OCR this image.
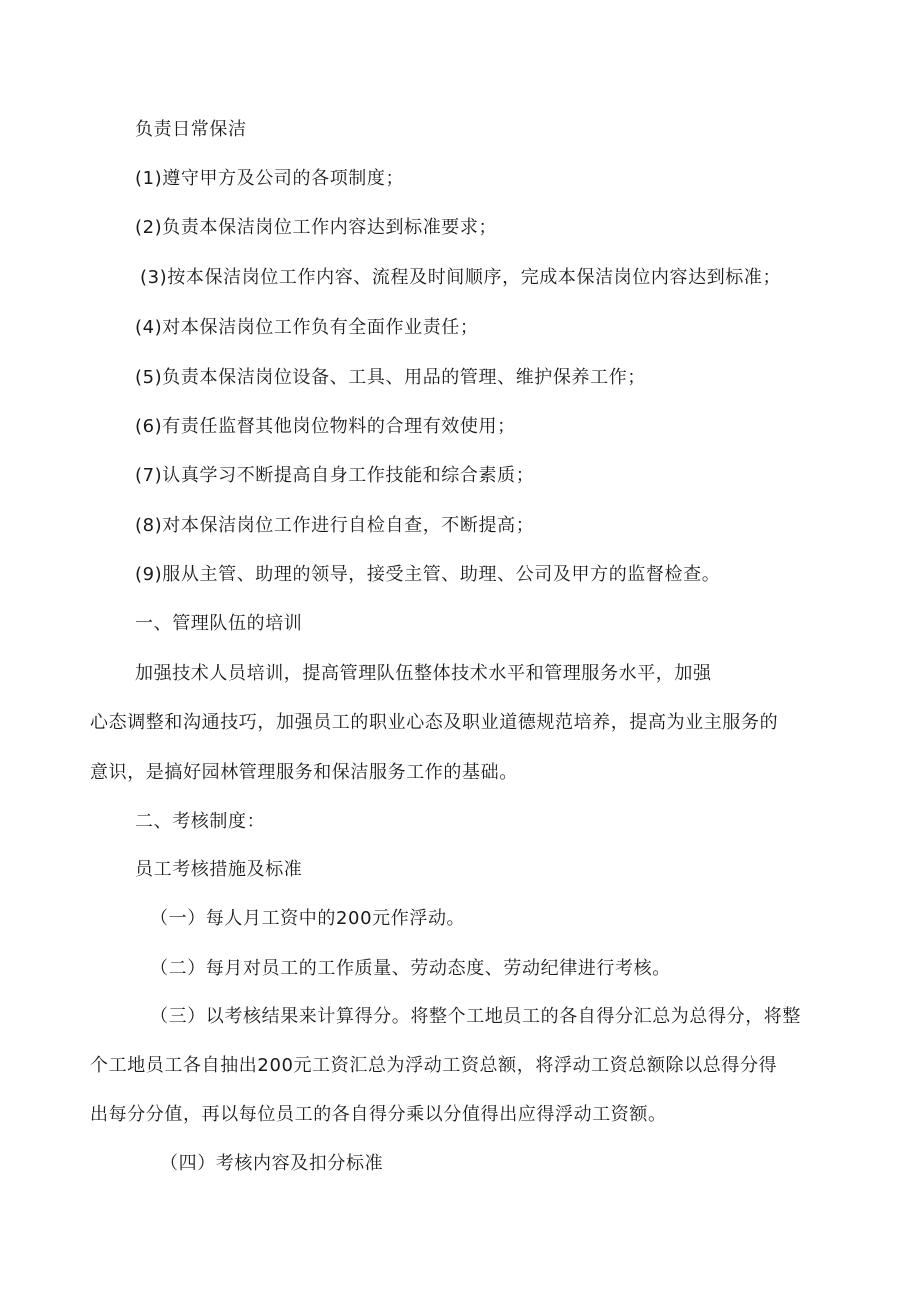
负责日常保洁
(1)遵守甲方及公司的各项制度；
(2)负责本保洁岗位工作内容达到标准要求；
(3)按本保洁岗位工作内容、流程及时间顺序，完成本保洁岗位内容达到标准；
(4)对本保洁岗位工作负有全面作业责任；
(5)负责本保洁岗位设备、工具、用品的管理、维护保养工作；
(6)有责任监督其他岗位物料的合理有效使用；
(7)认真学习不断提高自身工作技能和综合素质；
(8)对本保洁岗位工作进行自检自查，不断提高；
(9)服从主管、助理的领导，接受主管、助理、公司及甲方的监督检查。
一、管理队伍的培训
加强技术人员培训，提高管理队伍整体技术水平和管理服务水平，加强
心态调整和沟通技巧，加强员工的职业心态及职业道德规范培养，提高为业主服务的
意识，是搞好园林管理服务和保洁服务工作的基础。
二、考核制度：
员工考核措施及标准
（一）每人月工资中的200元作浮动。
（二）每月对员工的工作质量、劳动态度、劳动纪律进行考核。
（三）以考核结果来计算得分。将整个工地员工的各自得分汇总为总得分，将整
个工地员工各自抽出200元工资汇总为浮动工资总额，将浮动工资总额除以总得分得
出每分分值，再以每位员工的各自得分乘以分值得出应得浮动工资额。
（四）考核内容及扣分标准
